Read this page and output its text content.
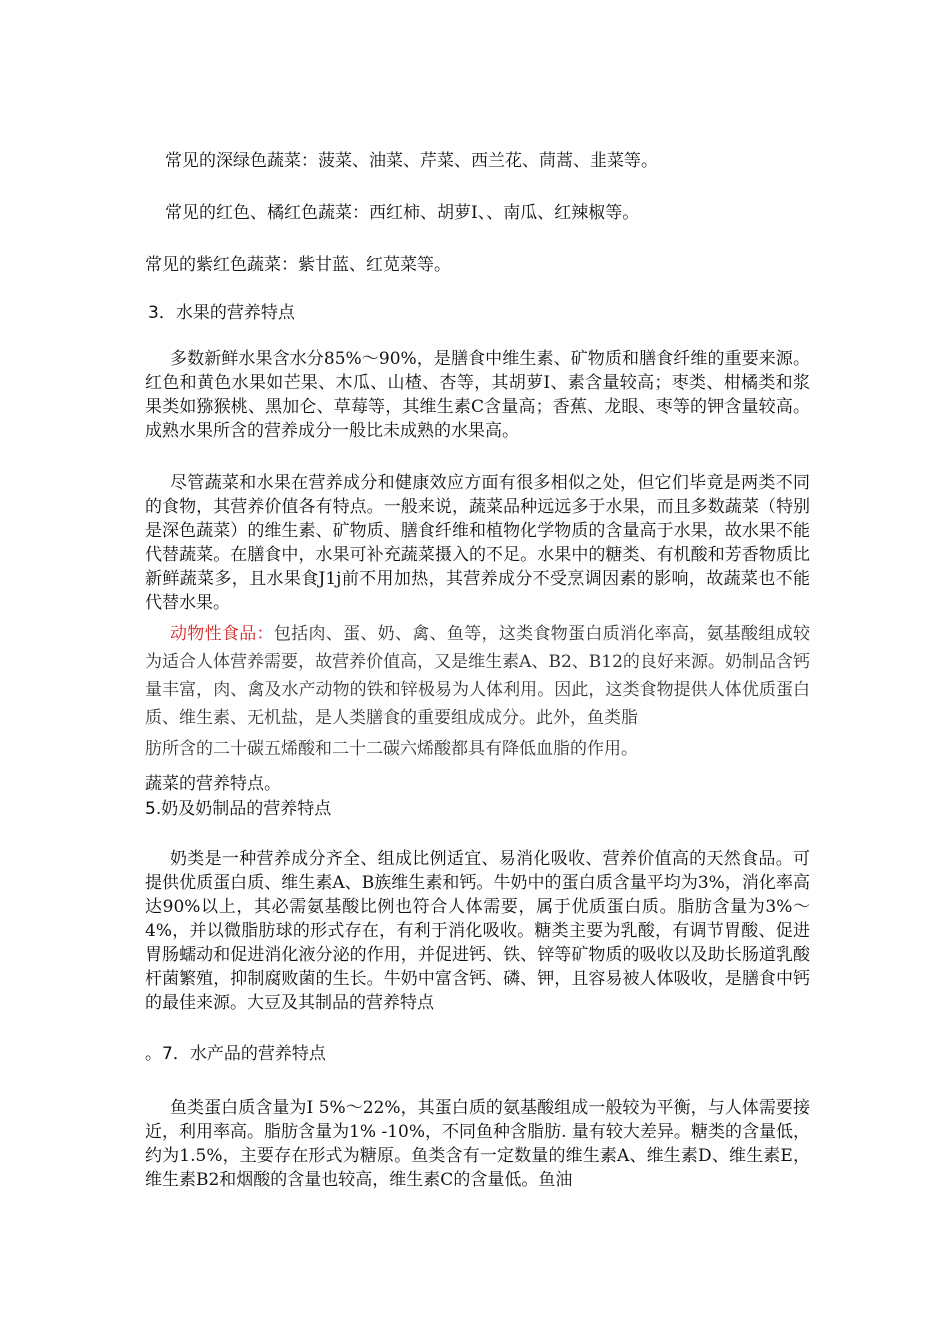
常见的深绿色蔬菜：菠菜、油菜、芹菜、西兰花、茼蒿、韭菜等。
常见的红色、橘红色蔬菜：西红柿、胡萝I、、南瓜、红辣椒等。
常见的紫红色蔬菜：紫甘蓝、红苋菜等。
3．水果的营养特点
多数新鲜水果含水分85%～90%，是膳食中维生素、矿物质和膳食纤维的重要来源。红色和黄色水果如芒果、木瓜、山楂、杏等，其胡萝I、素含量较高；枣类、柑橘类和浆果类如猕猴桃、黑加仑、草莓等，其维生素C含量高；香蕉、龙眼、枣等的钾含量较高。成熟水果所含的营养成分一般比未成熟的水果高。
尽管蔬菜和水果在营养成分和健康效应方面有很多相似之处，但它们毕竟是两类不同的食物，其营养价值各有特点。一般来说，蔬菜品种远远多于水果，而且多数蔬菜（特别是深色蔬菜）的维生素、矿物质、膳食纤维和植物化学物质的含量高于水果，故水果不能代替蔬菜。在膳食中，水果可补充蔬菜摄入的不足。水果中的糖类、有机酸和芳香物质比新鲜蔬菜多，且水果食J1j前不用加热，其营养成分不受烹调因素的影响，故蔬菜也不能代替水果。
动物性食品：包括肉、蛋、奶、禽、鱼等，这类食物蛋白质消化率高，氨基酸组成较为适合人体营养需要，故营养价值高，又是维生素A、B2、B12的良好来源。奶制品含钙量丰富，肉、禽及水产动物的铁和锌极易为人体利用。因此，这类食物提供人体优质蛋白质、维生素、无机盐，是人类膳食的重要组成成分。此外，鱼类脂
肪所含的二十碳五烯酸和二十二碳六烯酸都具有降低血脂的作用。
蔬菜的营养特点。
5.奶及奶制品的营养特点
奶类是一种营养成分齐全、组成比例适宜、易消化吸收、营养价值高的天然食品。可提供优质蛋白质、维生素A、B族维生素和钙。牛奶中的蛋白质含量平均为3%，消化率高达90%以上，其必需氨基酸比例也符合人体需要，属于优质蛋白质。脂肪含量为3%～4%，并以微脂肪球的形式存在，有利于消化吸收。糖类主要为乳酸，有调节胃酸、促进胃肠蠕动和促进消化液分泌的作用，并促进钙、铁、锌等矿物质的吸收以及助长肠道乳酸杆菌繁殖，抑制腐败菌的生长。牛奶中富含钙、磷、钾，且容易被人体吸收，是膳食中钙的最佳来源。大豆及其制品的营养特点
。7．水产品的营养特点
鱼类蛋白质含量为I 5%～22%，其蛋白质的氨基酸组成一般较为平衡，与人体需要接近，利用率高。脂肪含量为1% -10%，不同鱼种含脂肪. 量有较大差异。糖类的含量低，约为1.5%，主要存在形式为糖原。鱼类含有一定数量的维生素A、维生素D、维生素E，维生素B2和烟酸的含量也较高，维生素C的含量低。鱼油
